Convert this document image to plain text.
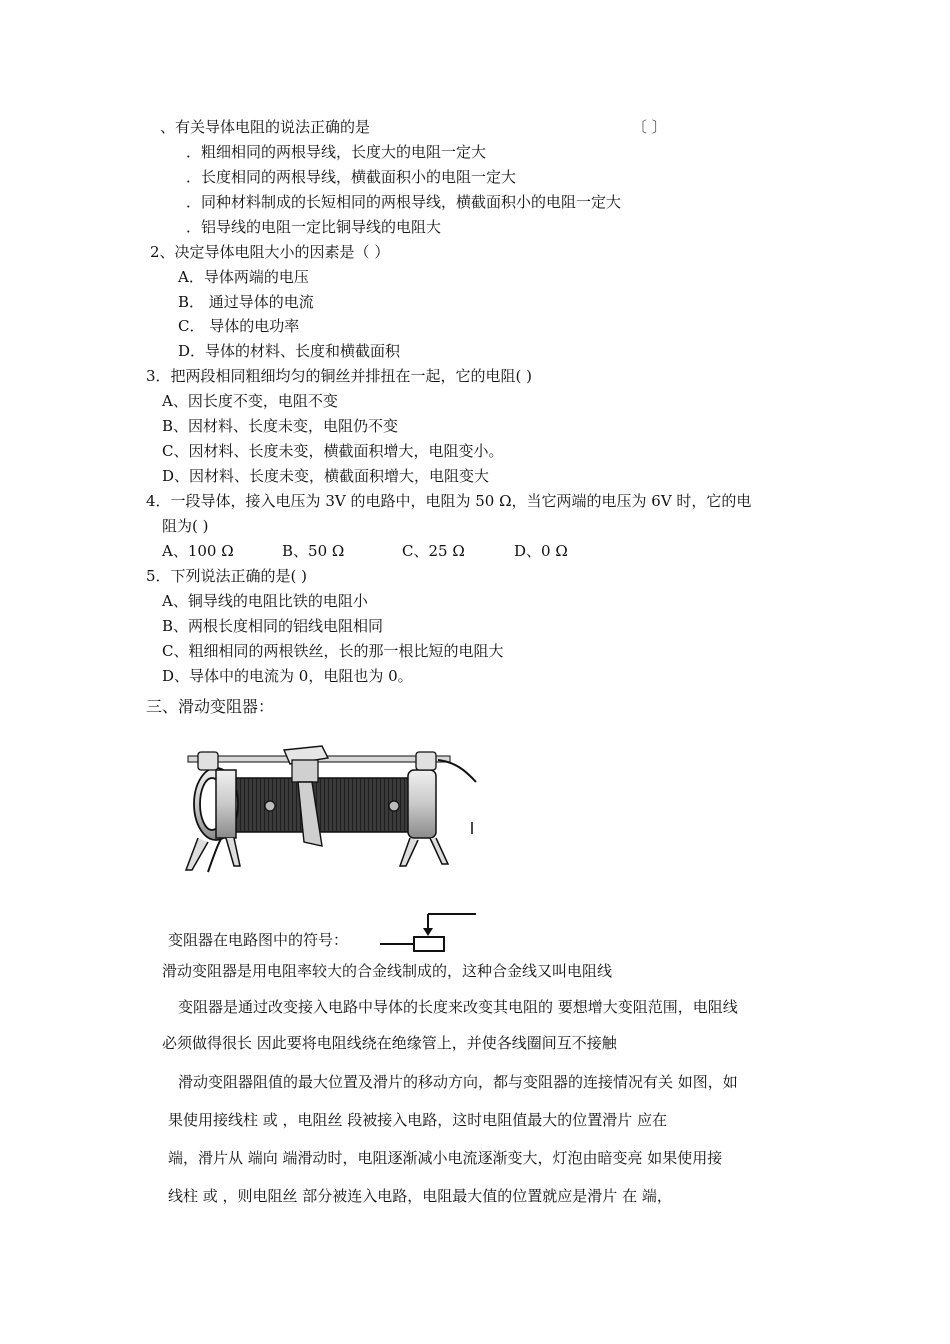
、有关导体电阻的说法正确的是	〔 〕
．粗细相同的两根导线，长度大的电阻一定大
．长度相同的两根导线，横截面积小的电阻一定大
．同种材料制成的长短相同的两根导线，横截面积小的电阻一定大
．铝导线的电阻一定比铜导线的电阻大
2、决定导体电阻大小的因素是（ ）
A．导体两端的电压
B． 通过导体的电流
C． 导体的电功率
D．导体的材料、长度和横截面积
3．把两段相同粗细均匀的铜丝并排扭在一起，它的电阻( )
A、因长度不变，电阻不变
B、因材料、长度未变，电阻仍不变
C、因材料、长度未变，横截面积增大，电阻变小。
D、因材料、长度未变，横截面积增大，电阻变大
4．一段导体，接入电压为 3V 的电路中，电阻为 50 Ω，当它两端的电压为 6V 时，它的电
阻为( )
A、100 Ω	B、50 Ω	C、25 Ω	D、0 Ω
5．下列说法正确的是( )
A、铜导线的电阻比铁的电阻小
B、两根长度相同的铝线电阻相同
C、粗细相同的两根铁丝，长的那一根比短的电阻大
D、导体中的电流为 0，电阻也为 0。
三、滑动变阻器：
变阻器在电路图中的符号：
滑动变阻器是用电阻率较大的合金线制成的，这种合金线又叫电阻线
变阻器是通过改变接入电路中导体的长度来改变其电阻的 要想增大变阻范围，电阻线
必须做得很长 因此要将电阻线绕在绝缘管上，并使各线圈间互不接触
滑动变阻器阻值的最大位置及滑片的移动方向，都与变阻器的连接情况有关 如图，如
果使用接线柱 或 ，电阻丝 段被接入电路，这时电阻值最大的位置滑片 应在
端，滑片从 端向 端滑动时，电阻逐渐减小电流逐渐变大，灯泡由暗变亮 如果使用接
线柱 或 ，则电阻丝 部分被连入电路，电阻最大值的位置就应是滑片 在 端，
